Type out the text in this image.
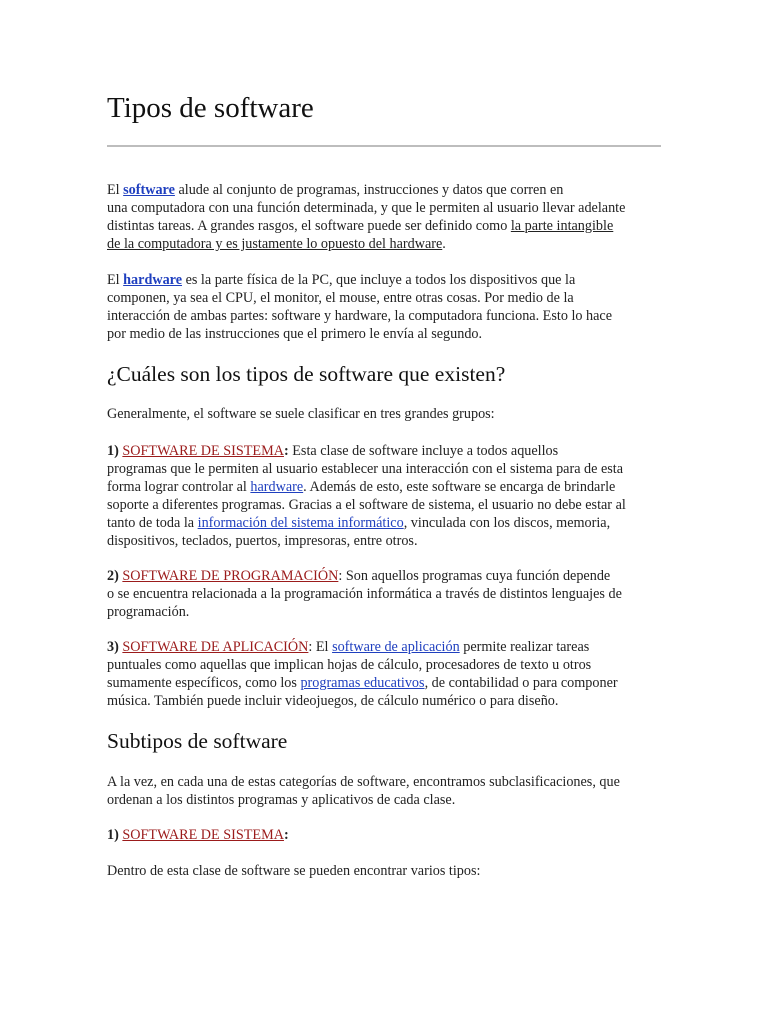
Tipos de software
El software alude al conjunto de programas, instrucciones y datos que corren en
una computadora con una función determinada, y que le permiten al usuario llevar adelante
distintas tareas. A grandes rasgos, el software puede ser definido como la parte intangible
de la computadora y es justamente lo opuesto del hardware.
El hardware es la parte física de la PC, que incluye a todos los dispositivos que la
componen, ya sea el CPU, el monitor, el mouse, entre otras cosas. Por medio de la
interacción de ambas partes: software y hardware, la computadora funciona. Esto lo hace
por medio de las instrucciones que el primero le envía al segundo.
¿Cuáles son los tipos de software que existen?
Generalmente, el software se suele clasificar en tres grandes grupos:
1) SOFTWARE DE SISTEMA: Esta clase de software incluye a todos aquellos
programas que le permiten al usuario establecer una interacción con el sistema para de esta
forma lograr controlar al hardware. Además de esto, este software se encarga de brindarle
soporte a diferentes programas. Gracias a el software de sistema, el usuario no debe estar al
tanto de toda la información del sistema informático, vinculada con los discos, memoria,
dispositivos, teclados, puertos, impresoras, entre otros.
2) SOFTWARE DE PROGRAMACIÓN: Son aquellos programas cuya función depende
o se encuentra relacionada a la programación informática a través de distintos lenguajes de
programación.
3) SOFTWARE DE APLICACIÓN: El software de aplicación permite realizar tareas
puntuales como aquellas que implican hojas de cálculo, procesadores de texto u otros
sumamente específicos, como los programas educativos, de contabilidad o para componer
música. También puede incluir videojuegos, de cálculo numérico o para diseño.
Subtipos de software
A la vez, en cada una de estas categorías de software, encontramos subclasificaciones, que
ordenan a los distintos programas y aplicativos de cada clase.
1) SOFTWARE DE SISTEMA:
Dentro de esta clase de software se pueden encontrar varios tipos:
